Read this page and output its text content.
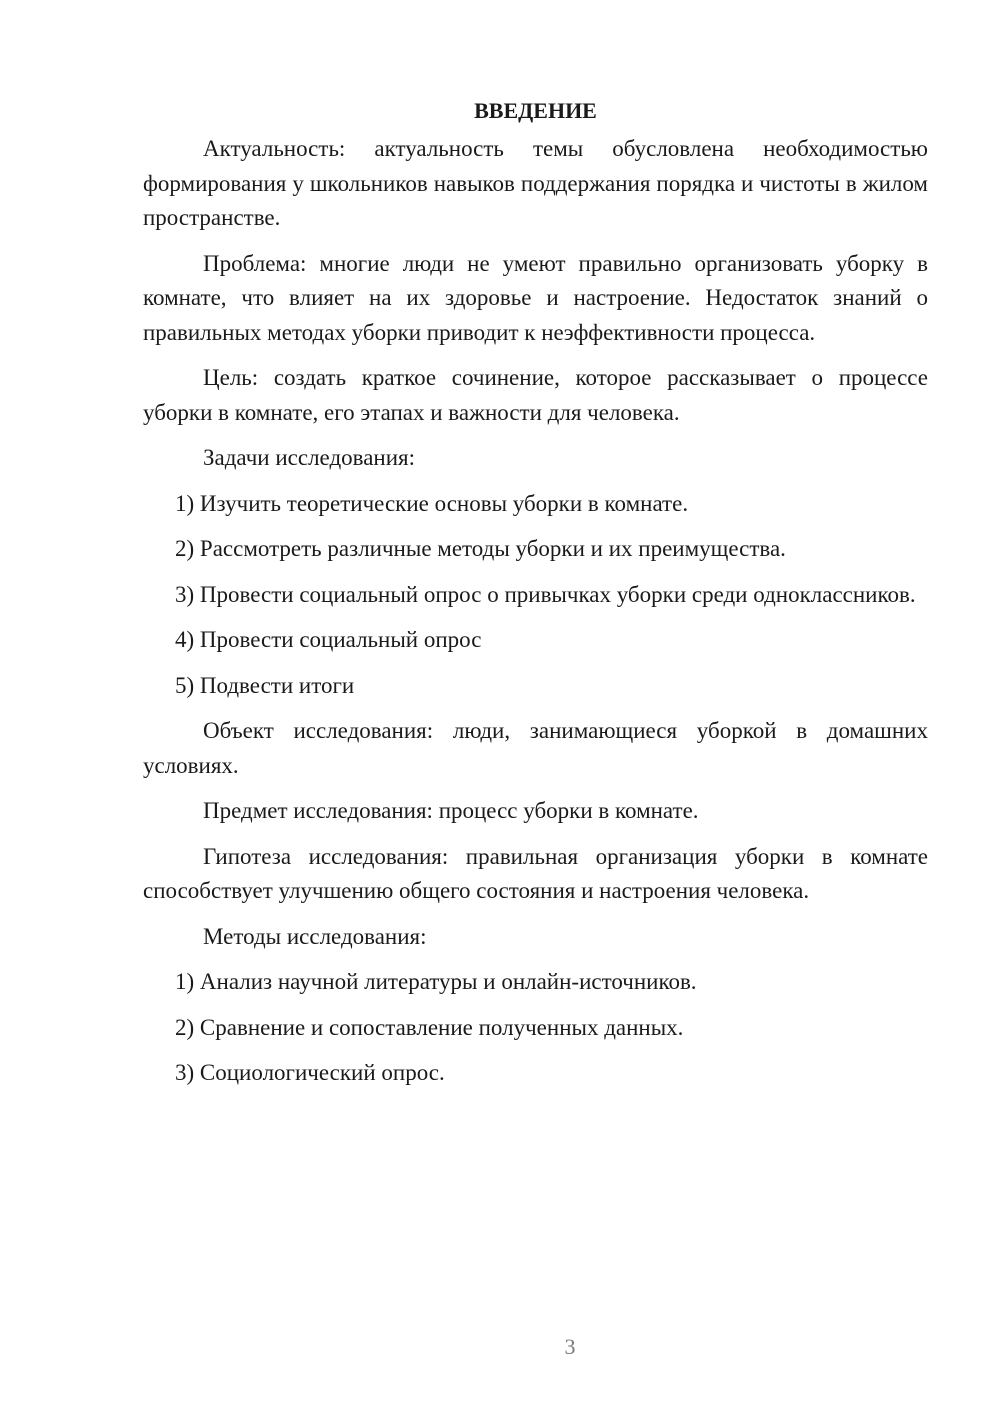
ВВЕДЕНИЕ

Актуальность: актуальность темы обусловлена необходимостью формирования у школьников навыков поддержания порядка и чистоты в жилом пространстве.

Проблема: многие люди не умеют правильно организовать уборку в комнате, что влияет на их здоровье и настроение. Недостаток знаний о правильных методах уборки приводит к неэффективности процесса.

Цель: создать краткое сочинение, которое рассказывает о процессе уборки в комнате, его этапах и важности для человека.

Задачи исследования:

1) Изучить теоретические основы уборки в комнате.

2) Рассмотреть различные методы уборки и их преимущества.

3) Провести социальный опрос о привычках уборки среди одноклассников.

4) Провести социальный опрос

5) Подвести итоги

Объект исследования: люди, занимающиеся уборкой в домашних условиях.

Предмет исследования: процесс уборки в комнате.

Гипотеза исследования: правильная организация уборки в комнате способствует улучшению общего состояния и настроения человека.

Методы исследования:

1) Анализ научной литературы и онлайн-источников.

2) Сравнение и сопоставление полученных данных.

3) Социологический опрос.

3
